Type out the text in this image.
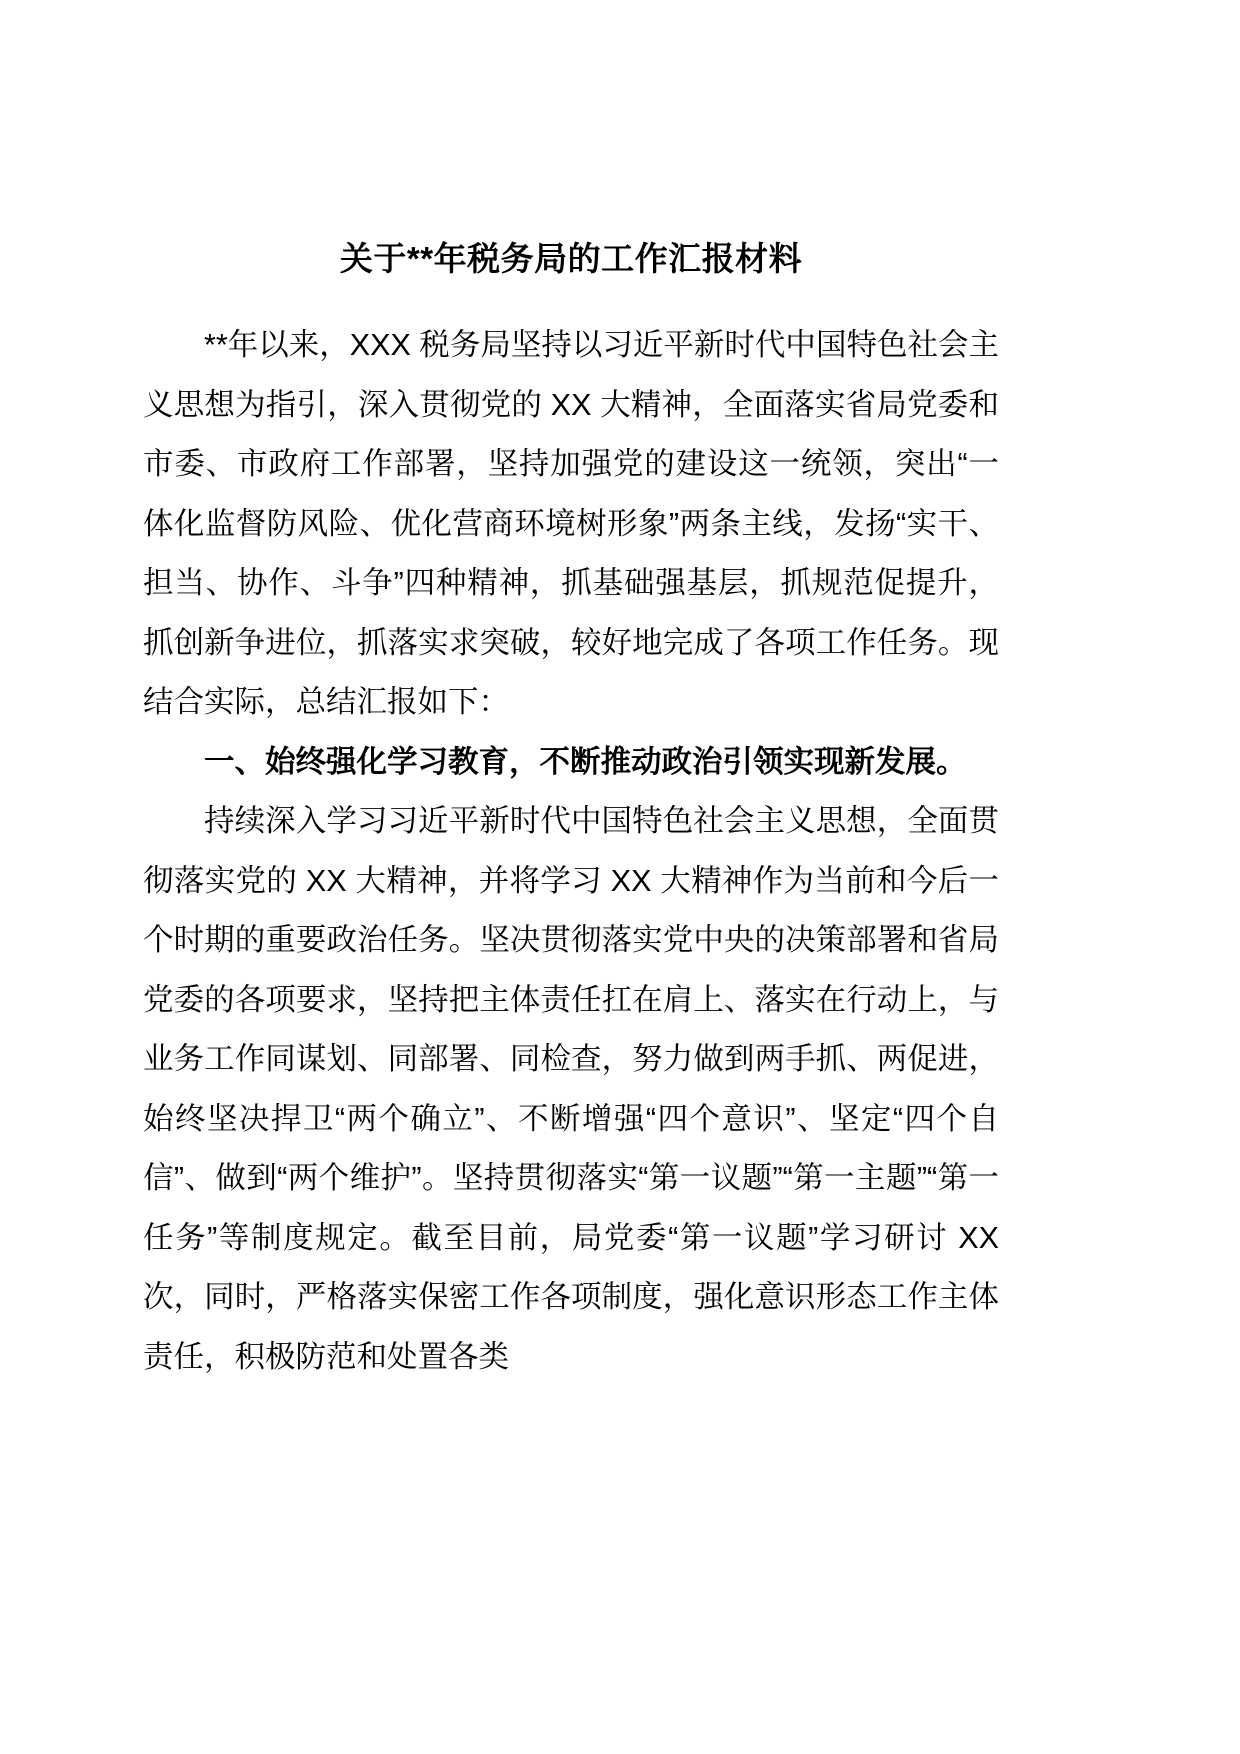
关于**年税务局的工作汇报材料

**年以来，XXX 税务局坚持以习近平新时代中国特色社会主义思想为指引，深入贯彻党的 XX 大精神，全面落实省局党委和市委、市政府工作部署，坚持加强党的建设这一统领，突出“一体化监督防风险、优化营商环境树形象”两条主线，发扬“实干、担当、协作、斗争”四种精神，抓基础强基层，抓规范促提升，抓创新争进位，抓落实求突破，较好地完成了各项工作任务。现结合实际，总结汇报如下：

一、始终强化学习教育，不断推动政治引领实现新发展。

持续深入学习习近平新时代中国特色社会主义思想，全面贯彻落实党的 XX 大精神，并将学习 XX 大精神作为当前和今后一个时期的重要政治任务。坚决贯彻落实党中央的决策部署和省局党委的各项要求，坚持把主体责任扛在肩上、落实在行动上，与业务工作同谋划、同部署、同检查，努力做到两手抓、两促进，始终坚决捍卫“两个确立”、不断增强“四个意识”、坚定“四个自信”、做到“两个维护”。坚持贯彻落实“第一议题”“第一主题”“第一任务”等制度规定。截至目前，局党委“第一议题”学习研讨 XX 次，同时，严格落实保密工作各项制度，强化意识形态工作主体责任，积极防范和处置各类
